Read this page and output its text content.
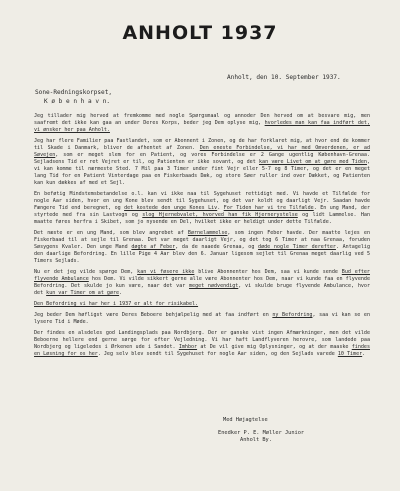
ANHOLT 1937
Anholt, den 10. September 1937.
Sone-Redningskorpset,
K ø b e n h a v n.

Jeg tillader mig herved at fremkomme med nogle Spørgsmaal og annoder Den herved om at besvare mig, men saafremt det ikke kan gaa an under Deres Korps, beder jeg Dem oplyse mig, hvorledes man kan faa indført det, vi ønsker her paa Anholt.

Jeg har flere Familier paa Fastlandet, som er Abonnent i Zonen, og de har forklaret mig, at hvor end de kommer til Skade i Danmark, bliver de afhentet af Zonen. Den eneste Forbindelse, vi har med Omverdenen, er ad Søvejen, som er meget slem for en Patient, og vores Forbindelse er 2 Gange ugentlig København-Grenaa. Sejladsens Tid er ret Vejret er til, og Patienten er ikke sovant, og det kan være Livet om at gøre med Tiden, vi kan komme til nærmeste Sted. 7 Mil paa 3 Timer under fint Vejr eller 5-7 og 8 Timer, og det er en meget lang Tid for en Patient Vinterdage paa en Fiskerbaads Dæk, og store Søer ruller ind over Dækket, og Patienten kan kun dækkes af med et Sejl.

En beføtig Mindstemsbetandelse o.l. kan vi ikke naa til Sygehuset rettidigt med. Vi havde et Tilfælde for nogle Aar siden, hvor en ung Kone blev sendt til Sygehuset, og det var koldt og daarligt Vejr. Saadan havde Fængere Tid end beregnet, og det kostede den unge Kones Liv. For Tiden har vi tre Tilfælde. En ung Mand, der styrtede med fra sin Lastvogn og slog Hjernebvalet, hvorved han fik Hjernerystelse og lidt Lammelse. Han maatte føres herfra i Skibet, som jo nysende en Del, hvilket ikke er heldigt under dette Tilfælde.

Det næste er en ung Mand, som blev angrebet af Børnelammelse, som ingen Feber havde. Der maatte lejes en Fiskerbaad til at sejle til Grenaa. Det var meget daarligt Vejr, og det tog 6 Timer at naa Grenaa, foruden Søsygens Kvaler. Den unge Mand døgte af Feber, da de naaede Grenaa, og døde nogle Timer derefter. Antagelig den daarlige Befordring. En lille Pige 4 Aar blev den 6. Januar ligesom sejlet til Grenaa meget daarlig ved 5 Timers Sejlads.

Nu er det jeg vilde spørge Dem, kan vi føsere ikke blive Abonnenter hos Dem, saa vi kunde sende Bud efter flyvende Ambulance hos Dem. Vi vilde sikkert gerne alle være Abonnenter hos Dem, naar vi kunde faa en flyvende Befordring. Det skulde jo kun være, naar det var meget nødvendigt, vi skulde bruge flyvende Ambulance, hvor det kun var Timer om at gøre.

Den Befordring vi har her i 1937 er alt for risikabel.

Jeg beder Dem høfligst være Deres Beboere behjælpelig med at faa indført en ny Befordring, saa vi kan se en lysere Tid i Møde.

Der findes en alsdeles god Landingsplads paa Nordbjerg. Der er ganske vist ingen Afmærkninger, men det vilde Beboerne hellere end gerne sørge for efter Vejledning. Vi har haft Landflyveren herovre, som landede paa Nordbjerg og ligeledes i Ørkenen ude i Sandet. Imhbor at De vil give mig Oplysninger, og at der maaske findes en Løsning for os her. Jeg selv blev sendt til Sygehuset for nogle Aar siden, og den Sejlads varede 10 Timer.

Med Højagtelse
Enedker P. E. Møller Junior
Anholt By.
